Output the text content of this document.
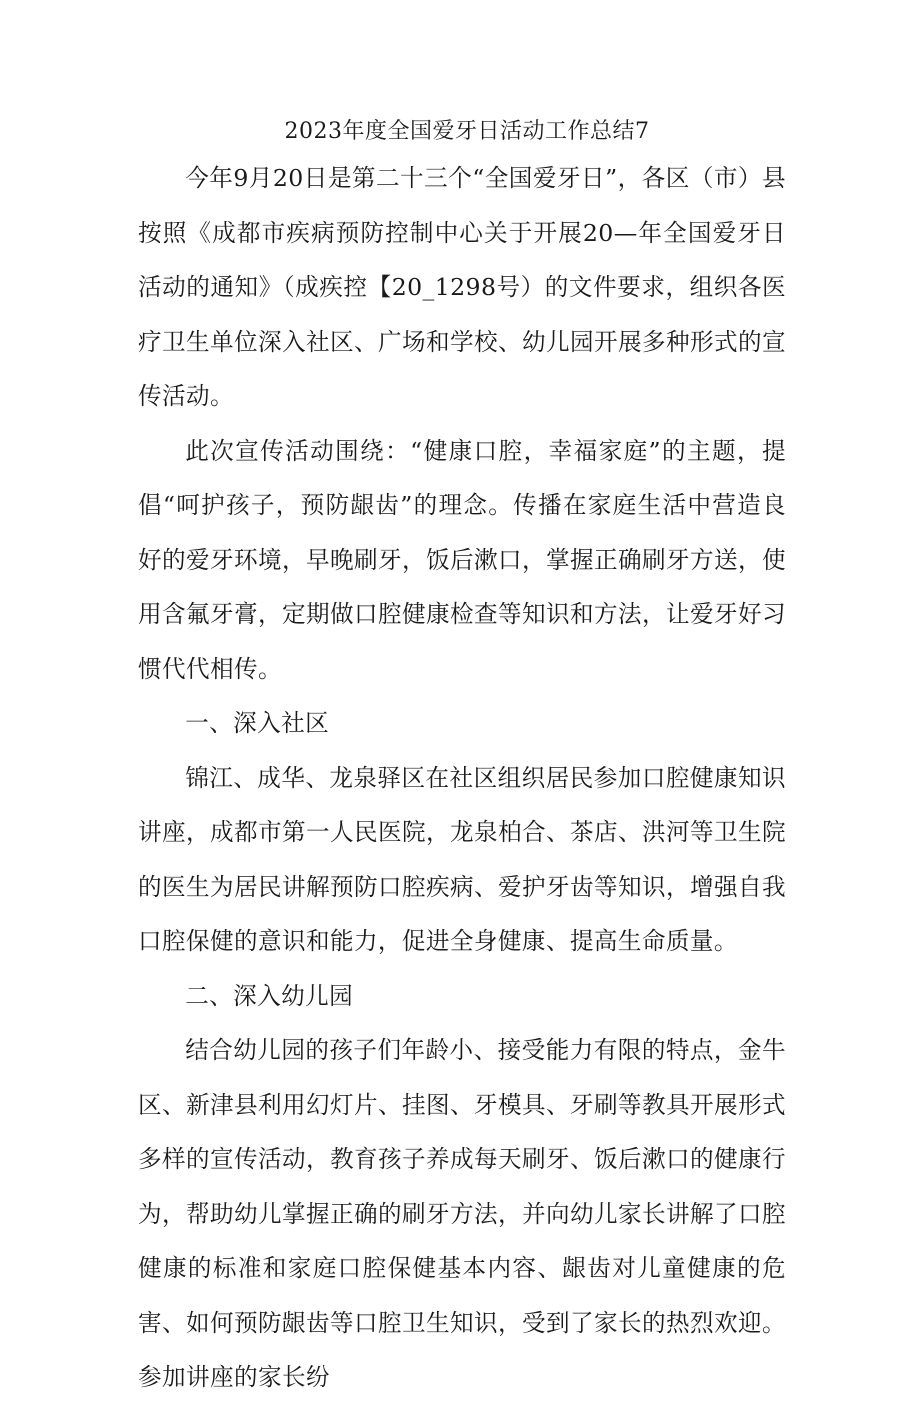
2023年度全国爱牙日活动工作总结7

今年9月20日是第二十三个“全国爱牙日”，各区（市）县按照《成都市疾病预防控制中心关于开展20—年全国爱牙日活动的通知》（成疾控【20_1298号）的文件要求，组织各医疗卫生单位深入社区、广场和学校、幼儿园开展多种形式的宣传活动。

此次宣传活动围绕：“健康口腔，幸福家庭”的主题，提倡“呵护孩子，预防龈齿”的理念。传播在家庭生活中营造良好的爱牙环境，早晚刷牙，饭后漱口，掌握正确刷牙方送，使用含氟牙膏，定期做口腔健康检查等知识和方法，让爱牙好习惯代代相传。

一、深入社区

锦江、成华、龙泉驿区在社区组织居民参加口腔健康知识讲座，成都市第一人民医院，龙泉柏合、茶店、洪河等卫生院的医生为居民讲解预防口腔疾病、爱护牙齿等知识，增强自我口腔保健的意识和能力，促进全身健康、提高生命质量。

二、深入幼儿园

结合幼儿园的孩子们年龄小、接受能力有限的特点，金牛区、新津县利用幻灯片、挂图、牙模具、牙刷等教具开展形式多样的宣传活动，教育孩子养成每天刷牙、饭后漱口的健康行为，帮助幼儿掌握正确的刷牙方法，并向幼儿家长讲解了口腔健康的标准和家庭口腔保健基本内容、龈齿对儿童健康的危害、如何预防龈齿等口腔卫生知识，受到了家长的热烈欢迎。参加讲座的家长纷
